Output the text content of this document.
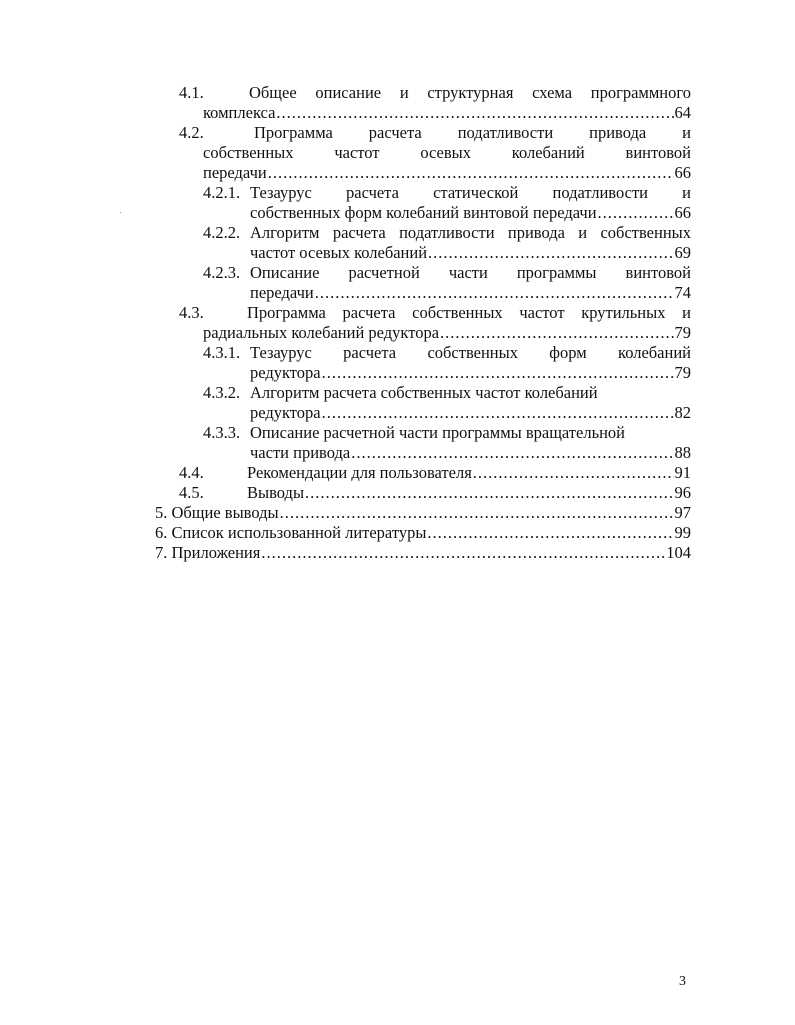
4.1.	Общее описание и структурная схема программного
комплекса .....	64
4.2.	Программа расчета податливости привода и
собственных частот осевых колебаний винтовой
передачи .....	66
4.2.1. Тезаурус расчета статической податливости и
собственных форм колебаний винтовой передачи .....	66
4.2.2. Алгоритм расчета податливости привода и собственных
частот осевых колебаний .....	69
4.2.3. Описание расчетной части программы винтовой
передачи .....	74
4.3.	Программа расчета собственных частот крутильных и
радиальных колебаний редуктора .....	79
4.3.1. Тезаурус расчета собственных форм колебаний
редуктора .....	79
4.3.2. Алгоритм расчета собственных частот колебаний
редуктора .....	82
4.3.3. Описание расчетной части программы вращательной
части привода .....	88
4.4.	Рекомендации для пользователя .....	91
4.5.	Выводы .....	96
5. Общие выводы .....	97
6. Список использованной литературы .....	99
7. Приложения .....	104
3
